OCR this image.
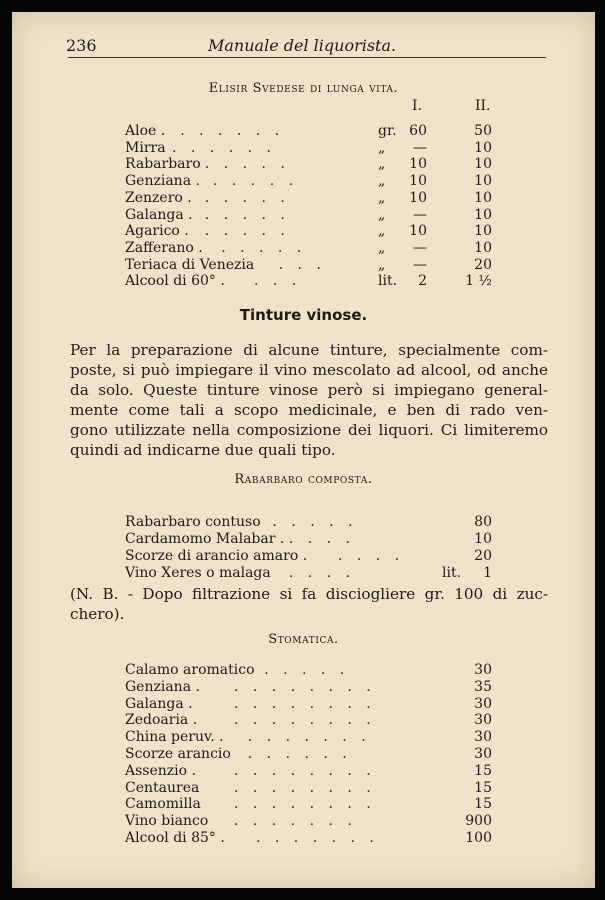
236	Manuale del liquorista.
Elisir Svedese di lunga vita.
I.	II.
Aloe . . . . . . .	gr. 60	50
Mirra . . . . . .	„ —	10
Rabarbaro . . . . .	„ 10	10
Genziana . . . . . .	„ 10	10
Zenzero . . . . . .	„ 10	10
Galanga . . . . . .	„ —	10
Agarico . . . . . .	„ 10	10
Zafferano . . . . . .	„ —	10
Teriaca di Venezia . . .	„ —	20
Alcool di 60° . . . .	lit. 2	1 ½
Tinture vinose.
Per la preparazione di alcune tinture, specialmente com-
poste, si può impiegare il vino mescolato ad alcool, od anche
da solo. Queste tinture vinose però si impiegano general-
mente come tali a scopo medicinale, e ben di rado ven-
gono utilizzate nella composizione dei liquori. Ci limiteremo
quindi ad indicarne due quali tipo.
Rabarbaro composta.
Rabarbaro contuso . . . . .	80
Cardamomo Malabar . . . . .	10
Scorze di arancio amaro . . . . .	20
Vino Xeres o malaga . . . .	lit. 1
(N. B. - Dopo filtrazione si fa disciogliere gr. 100 di zuc-
chero).
Stomatica.
Calamo aromatico . . . . .	30
Genziana . . . . . . . . .	35
Galanga .	. . . . . . . .	30
Zedoaria .	. . . . . . . .	30
China peruv. . . . . . . . .	30
Scorze arancio . . . . . .	30
Assenzio .	. . . . . . . .	15
Centaurea . . . . . . . .	15
Camomilla . . . . . . . .	15
Vino bianco . . . . . . .	900
Alcool di 85° . . . . . . . .	100
